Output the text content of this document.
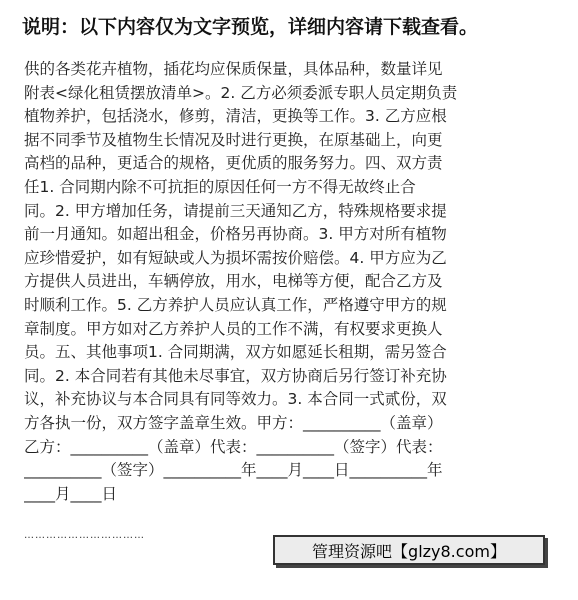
说明：以下内容仅为文字预览，详细内容请下载查看。
供的各类花卉植物，插花均应保质保量，具体品种，数量详见
附表<绿化租赁摆放清单>。2. 乙方必须委派专职人员定期负责
植物养护，包括浇水，修剪，清洁，更换等工作。3. 乙方应根
据不同季节及植物生长情况及时进行更换，在原基础上，向更
高档的品种，更适合的规格，更优质的服务努力。四、双方责
任1. 合同期内除不可抗拒的原因任何一方不得无故终止合
同。2. 甲方增加任务，请提前三天通知乙方，特殊规格要求提
前一月通知。如超出租金，价格另再协商。3. 甲方对所有植物
应珍惜爱护，如有短缺或人为损坏需按价赔偿。4. 甲方应为乙
方提供人员进出，车辆停放，用水，电梯等方便，配合乙方及
时顺利工作。5. 乙方养护人员应认真工作，严格遵守甲方的规
章制度。甲方如对乙方养护人员的工作不满，有权要求更换人
员。五、其他事项1. 合同期满，双方如愿延长租期，需另签合
同。2. 本合同若有其他未尽事宜，双方协商后另行签订补充协
议，补充协议与本合同具有同等效力。3. 本合同一式贰份，双
方各执一份，双方签字盖章生效。甲方：__________（盖章）
乙方：__________（盖章）代表：__________（签字）代表：
__________（签字）__________年____月____日__________年
____月____日
……………………………
管理资源吧【glzy8.com】
